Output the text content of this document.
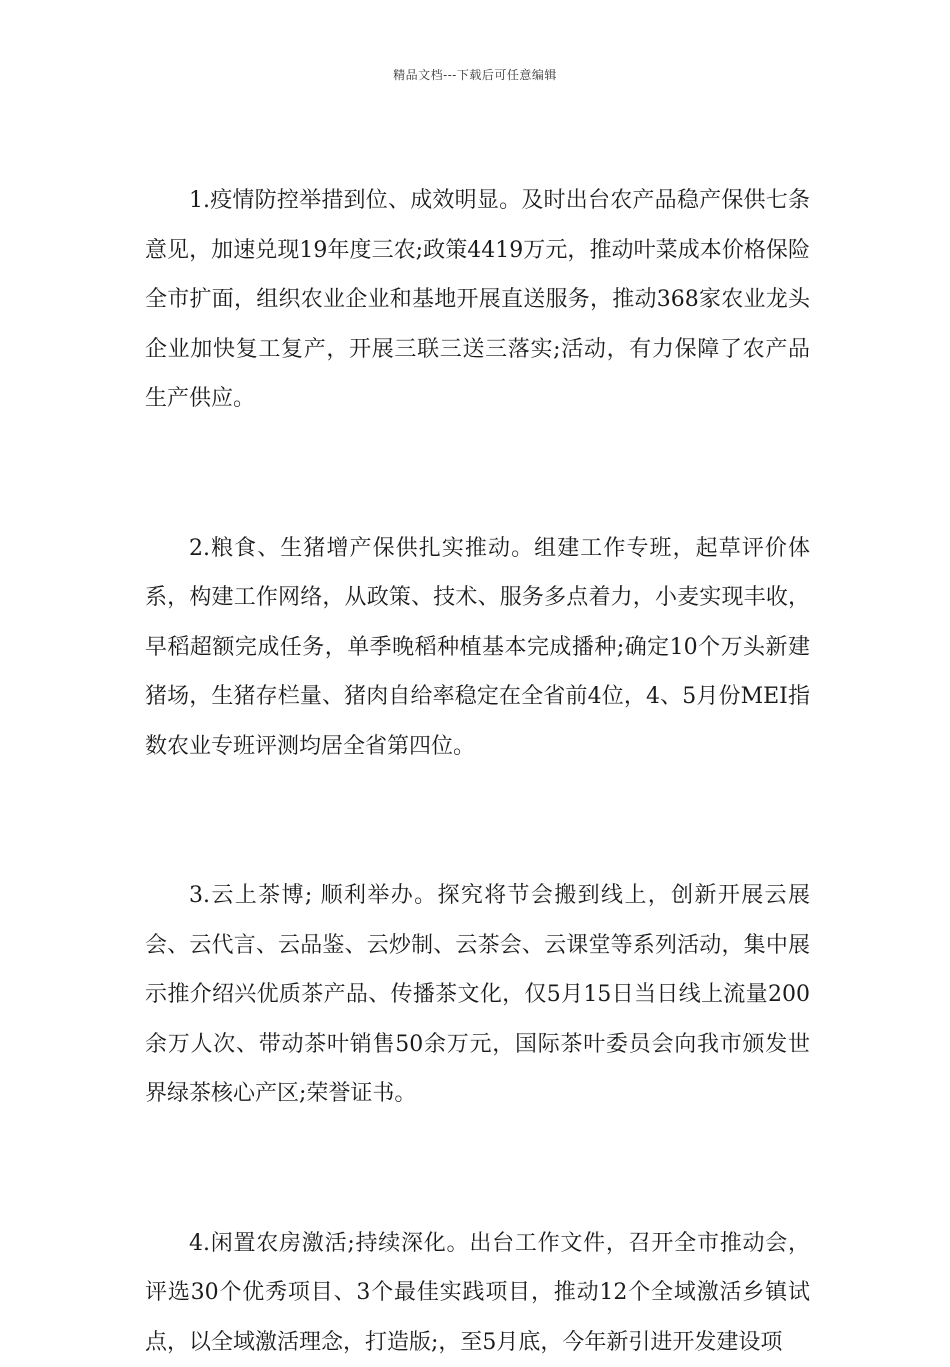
精品文档---下载后可任意编辑

1.疫情防控举措到位、成效明显。及时出台农产品稳产保供七条意见，加速兑现19年度三农;政策4419万元，推动叶菜成本价格保险全市扩面，组织农业企业和基地开展直送服务，推动368家农业龙头企业加快复工复产，开展三联三送三落实;活动，有力保障了农产品生产供应。

2.粮食、生猪增产保供扎实推动。组建工作专班，起草评价体系，构建工作网络，从政策、技术、服务多点着力，小麦实现丰收，早稻超额完成任务，单季晚稻种植基本完成播种;确定10个万头新建猪场，生猪存栏量、猪肉自给率稳定在全省前4位，4、5月份MEI指数农业专班评测均居全省第四位。

3.云上茶博; 顺利举办。探究将节会搬到线上，创新开展云展会、云代言、云品鉴、云炒制、云茶会、云课堂等系列活动，集中展示推介绍兴优质茶产品、传播茶文化，仅5月15日当日线上流量200余万人次、带动茶叶销售50余万元，国际茶叶委员会向我市颁发世界绿茶核心产区;荣誉证书。

4.闲置农房激活;持续深化。出台工作文件，召开全市推动会，评选30个优秀项目、3个最佳实践项目，推动12个全域激活乡镇试点，以全域激活理念，打造版;，至5月底，今年新引进开发建设项
